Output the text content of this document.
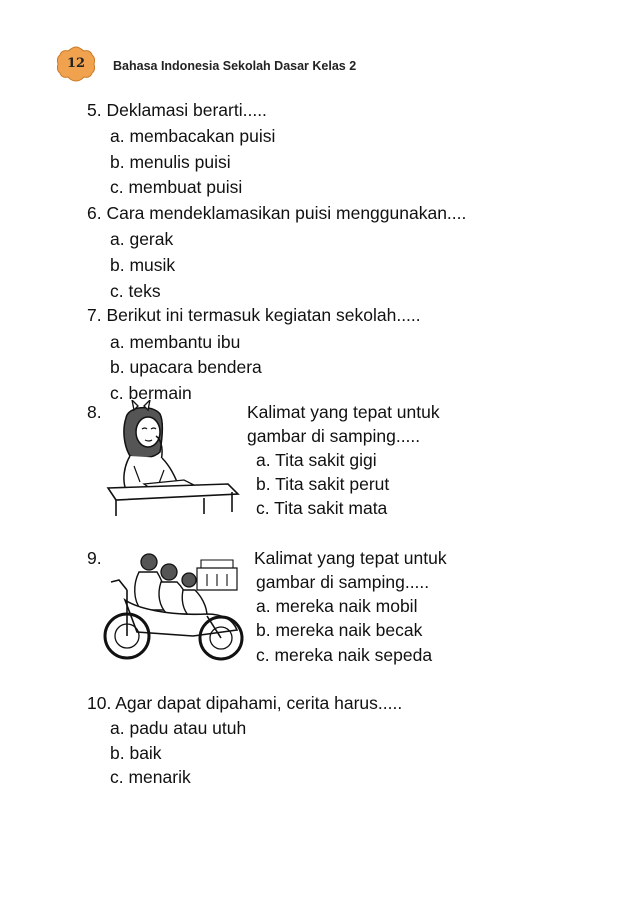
12	Bahasa Indonesia Sekolah Dasar Kelas 2
5. Deklamasi berarti.....
a. membacakan puisi
b. menulis puisi
c. membuat puisi
6. Cara mendeklamasikan puisi menggunakan....
a. gerak
b. musik
c. teks
7. Berikut ini termasuk kegiatan sekolah.....
a. membantu ibu
b. upacara bendera
c. bermain
8.	Kalimat yang tepat untuk
gambar di samping.....
a. Tita sakit gigi
b. Tita sakit perut
c. Tita sakit mata
9.	Kalimat yang tepat untuk
gambar di samping.....
a. mereka naik mobil
b. mereka naik becak
c. mereka naik sepeda
10. Agar dapat dipahami, cerita harus.....
a. padu atau utuh
b. baik
c. menarik
